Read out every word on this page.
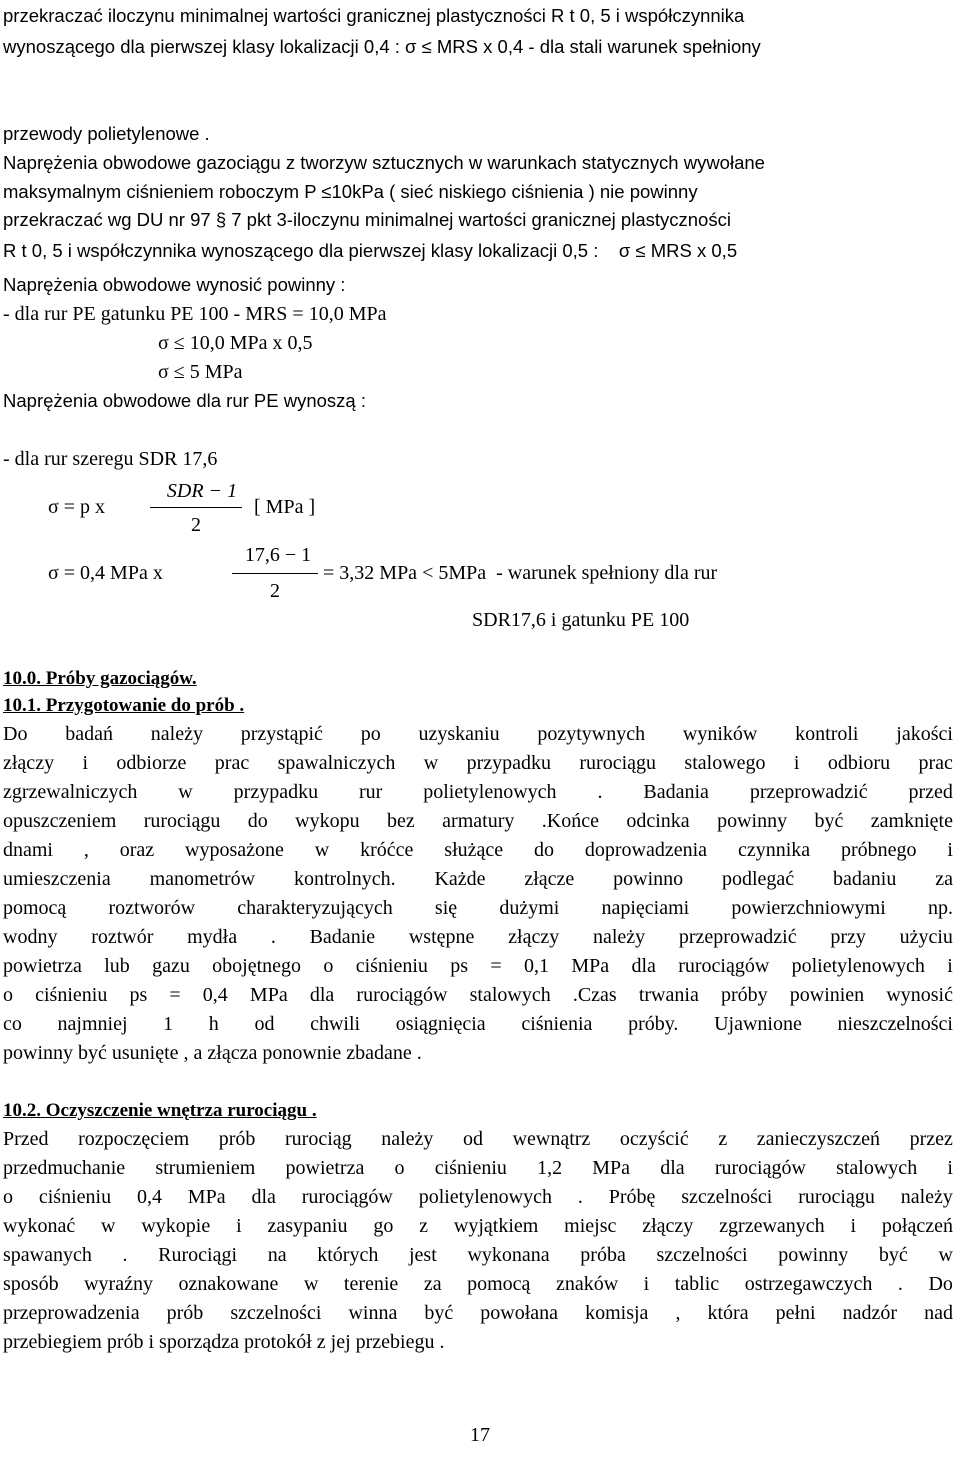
przekraczać iloczynu minimalnej wartości granicznej plastyczności R t 0, 5 i współczynnika
wynoszącego dla pierwszej klasy lokalizacji 0,4 : σ ≤ MRS x 0,4 - dla stali warunek spełniony
przewody polietylenowe .
Naprężenia obwodowe gazociągu z tworzyw sztucznych w warunkach statycznych wywołane
maksymalnym ciśnieniem roboczym P ≤10kPa ( sieć niskiego ciśnienia ) nie powinny
przekraczać wg DU nr 97 § 7 pkt 3-iloczynu minimalnej wartości granicznej plastyczności
R t 0, 5 i współczynnika wynoszącego dla pierwszej klasy lokalizacji 0,5 :    σ ≤ MRS x 0,5
Naprężenia obwodowe wynosić powinny :
- dla rur PE gatunku PE 100 - MRS = 10,0 MPa
σ ≤ 10,0 MPa x 0,5
σ ≤ 5 MPa
Naprężenia obwodowe dla rur PE wynoszą :
- dla rur szeregu SDR 17,6
σ = p x
SDR − 1
2
[ MPa ]
σ = 0,4 MPa x
17,6 − 1
2
= 3,32 MPa < 5MPa  - warunek spełniony dla rur
SDR17,6 i gatunku PE 100
10.0. Próby gazociągów.
10.1. Przygotowanie do prób .
Do badań należy przystąpić po uzyskaniu pozytywnych wyników kontroli jakości
złączy i odbiorze prac spawalniczych w przypadku rurociągu stalowego i odbioru prac
zgrzewalniczych w przypadku rur polietylenowych . Badania przeprowadzić przed
opuszczeniem rurociągu do wykopu bez armatury .Końce odcinka powinny być zamknięte
dnami , oraz wyposażone w króćce służące do doprowadzenia czynnika próbnego i
umieszczenia manometrów kontrolnych. Każde złącze powinno podlegać badaniu za
pomocą roztworów charakteryzujących się dużymi napięciami powierzchniowymi np.
wodny roztwór mydła . Badanie wstępne złączy należy przeprowadzić przy użyciu
powietrza lub gazu obojętnego o ciśnieniu ps = 0,1 MPa dla rurociągów polietylenowych i
o ciśnieniu ps = 0,4 MPa dla rurociągów stalowych .Czas trwania próby powinien wynosić
co najmniej 1 h od chwili osiągnięcia ciśnienia próby. Ujawnione nieszczelności
powinny być usunięte , a złącza ponownie zbadane .
10.2. Oczyszczenie wnętrza rurociągu .
Przed rozpoczęciem prób rurociąg należy od wewnątrz oczyścić z zanieczyszczeń przez
przedmuchanie strumieniem powietrza o ciśnieniu 1,2 MPa dla rurociągów stalowych i
o ciśnieniu 0,4 MPa dla rurociągów polietylenowych . Próbę szczelności rurociągu należy
wykonać w wykopie i zasypaniu go z wyjątkiem miejsc złączy zgrzewanych i połączeń
spawanych . Rurociągi na których jest wykonana próba szczelności powinny być w
sposób wyraźny oznakowane w terenie za pomocą znaków i tablic ostrzegawczych . Do
przeprowadzenia prób szczelności winna być powołana komisja , która pełni nadzór nad
przebiegiem prób i sporządza protokół z jej przebiegu .
17
